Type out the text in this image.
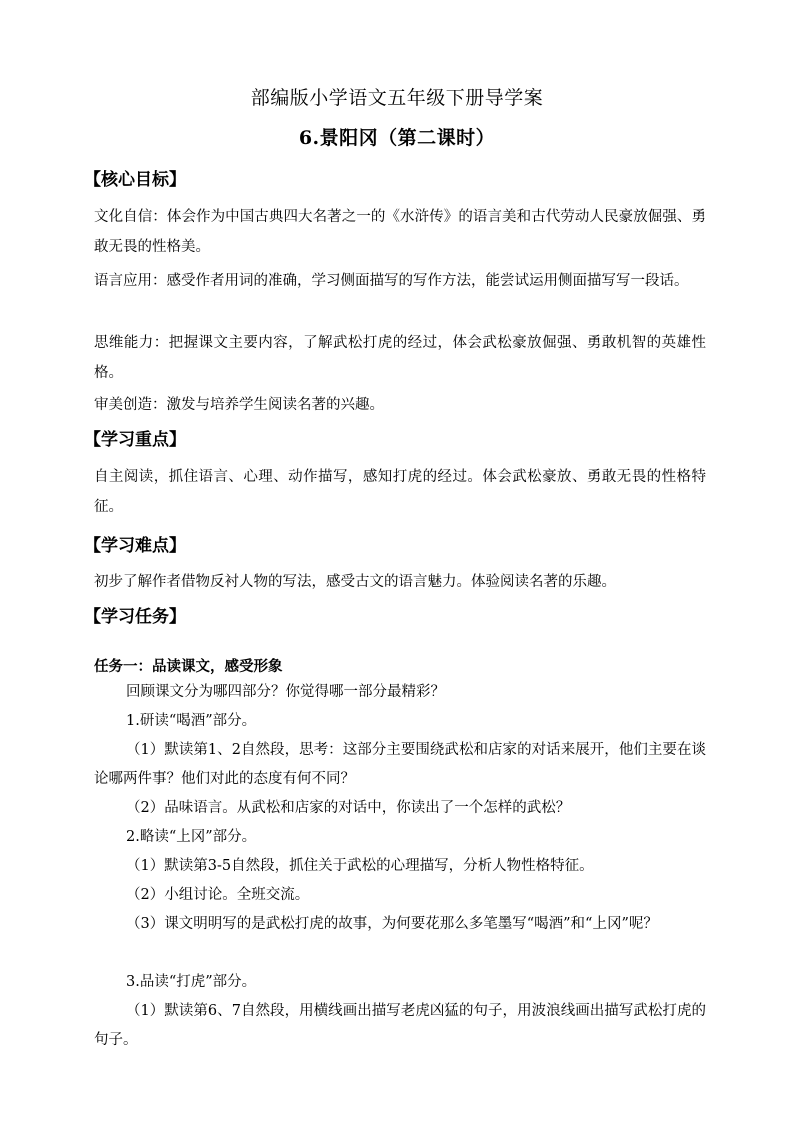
部编版小学语文五年级下册导学案
6.景阳冈（第二课时）
【核心目标】

文化自信：体会作为中国古典四大名著之一的《水浒传》的语言美和古代劳动人民豪放倔强、勇敢无畏的性格美。

语言应用：感受作者用词的准确，学习侧面描写的写作方法，能尝试运用侧面描写写一段话。

思维能力：把握课文主要内容，了解武松打虎的经过，体会武松豪放倔强、勇敢机智的英雄性格。

审美创造：激发与培养学生阅读名著的兴趣。

【学习重点】

自主阅读，抓住语言、心理、动作描写，感知打虎的经过。体会武松豪放、勇敢无畏的性格特征。

【学习难点】

初步了解作者借物反衬人物的写法，感受古文的语言魅力。体验阅读名著的乐趣。

【学习任务】
任务一：品读课文，感受形象

回顾课文分为哪四部分？你觉得哪一部分最精彩？

1.研读“喝酒”部分。

（1）默读第1、2自然段，思考：这部分主要围绕武松和店家的对话来展开，他们主要在谈论哪两件事？他们对此的态度有何不同？

（2）品味语言。从武松和店家的对话中，你读出了一个怎样的武松？

2.略读“上冈”部分。

（1）默读第3-5自然段，抓住关于武松的心理描写，分析人物性格特征。

（2）小组讨论。全班交流。

（3）课文明明写的是武松打虎的故事，为何要花那么多笔墨写“喝酒”和“上冈”呢？

3.品读“打虎”部分。

（1）默读第6、7自然段，用横线画出描写老虎凶猛的句子，用波浪线画出描写武松打虎的句子。
